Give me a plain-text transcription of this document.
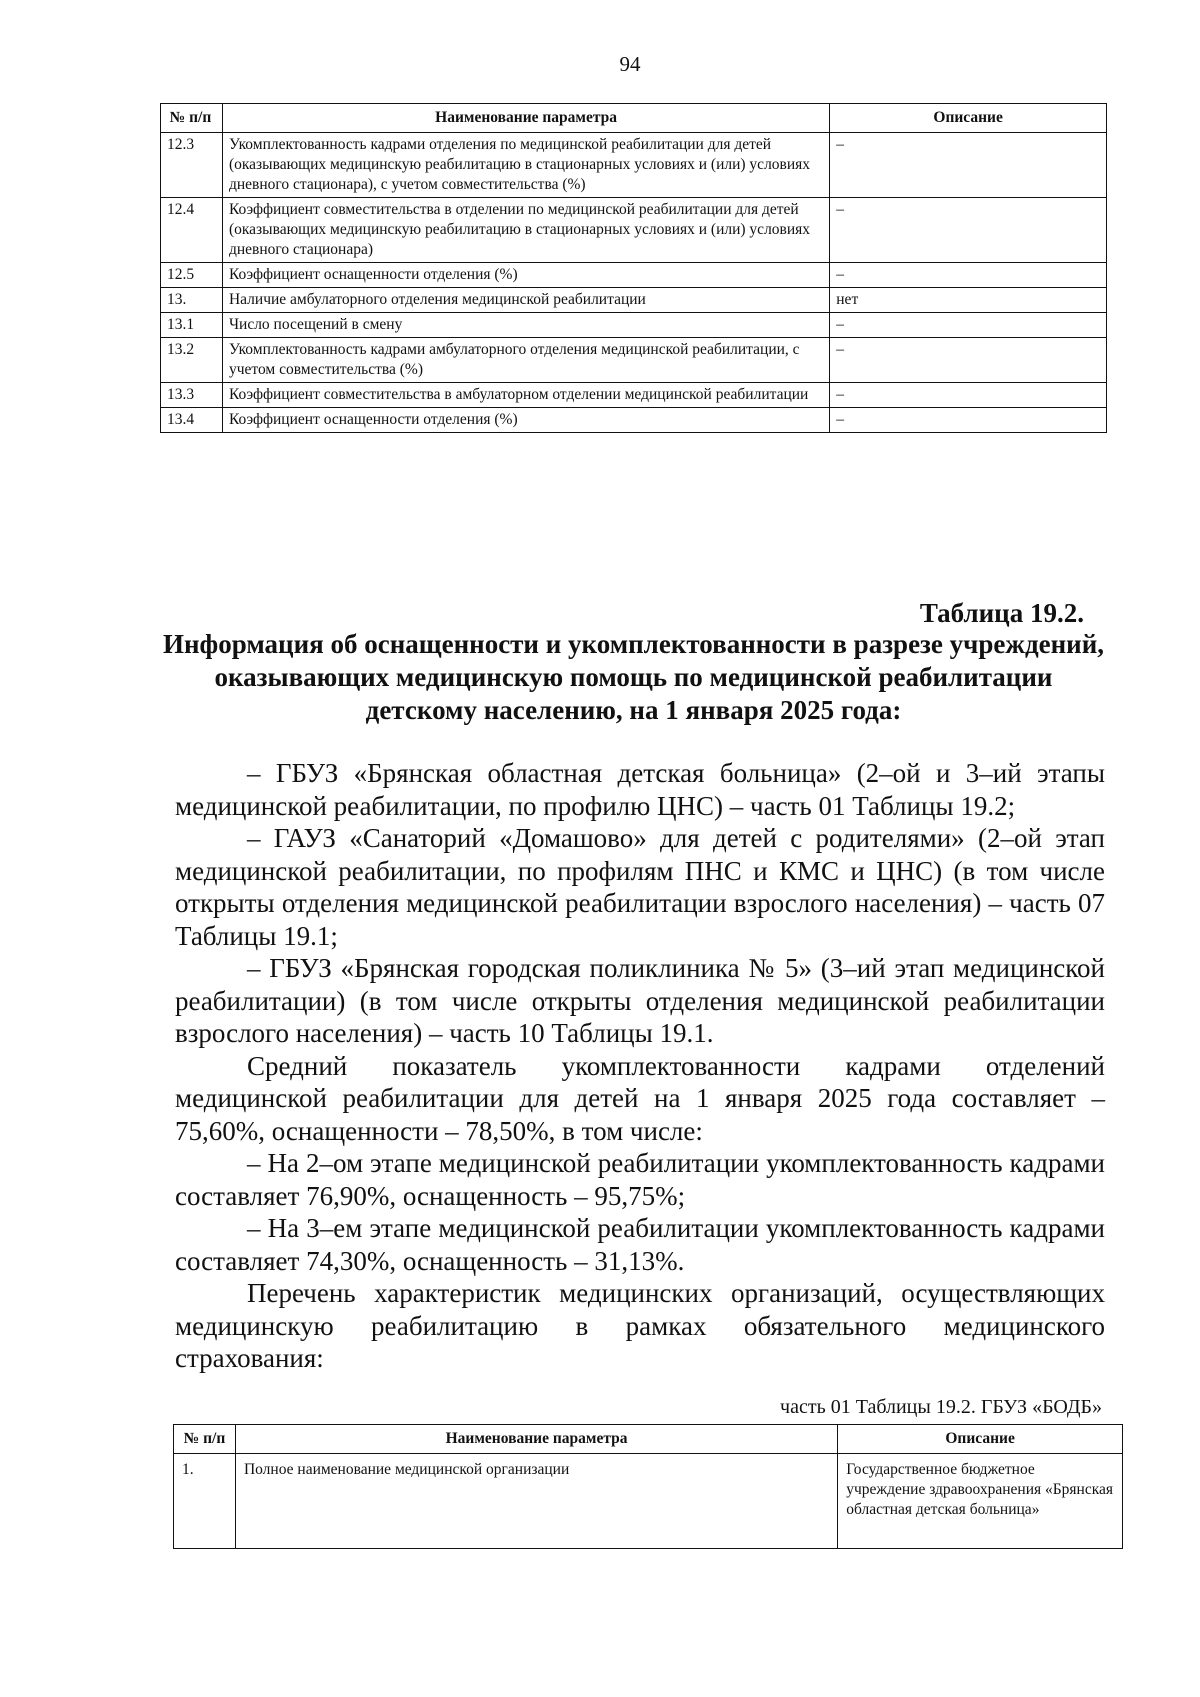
94
№ п/п	Наименование параметра	Описание
12.3	Укомплектованность кадрами отделения по медицинской реабилитации для детей (оказывающих медицинскую реабилитацию в стационарных условиях и (или) условиях дневного стационара), с учетом совместительства (%)	–
12.4	Коэффициент совместительства в отделении по медицинской реабилитации для детей (оказывающих медицинскую реабилитацию в стационарных условиях и (или) условиях дневного стационара)	–
12.5	Коэффициент оснащенности отделения (%)	–
13.	Наличие амбулаторного отделения медицинской реабилитации	нет
13.1	Число посещений в смену	–
13.2	Укомплектованность кадрами амбулаторного отделения медицинской реабилитации, с учетом совместительства (%)	–
13.3	Коэффициент совместительства в амбулаторном отделении медицинской реабилитации	–
13.4	Коэффициент оснащенности отделения (%)	–
Таблица 19.2.
Информация об оснащенности и укомплектованности в разрезе учреждений, оказывающих медицинскую помощь по медицинской реабилитации детскому населению, на 1 января 2025 года:

– ГБУЗ «Брянская областная детская больница» (2–ой и 3–ий этапы медицинской реабилитации, по профилю ЦНС) – часть 01 Таблицы 19.2;

– ГАУЗ «Санаторий «Домашово» для детей с родителями» (2–ой этап медицинской реабилитации, по профилям ПНС и КМС и ЦНС) (в том числе открыты отделения медицинской реабилитации взрослого населения) – часть 07 Таблицы 19.1;

– ГБУЗ «Брянская городская поликлиника № 5» (3–ий этап медицинской реабилитации) (в том числе открыты отделения медицинской реабилитации взрослого населения) – часть 10 Таблицы 19.1.

Средний показатель укомплектованности кадрами отделений медицинской реабилитации для детей на 1 января 2025 года составляет – 75,60%, оснащенности – 78,50%, в том числе:

– На 2–ом этапе медицинской реабилитации укомплектованность кадрами составляет 76,90%, оснащенность – 95,75%;

– На 3–ем этапе медицинской реабилитации укомплектованность кадрами составляет 74,30%, оснащенность – 31,13%.

Перечень характеристик медицинских организаций, осуществляющих медицинскую реабилитацию в рамках обязательного медицинского страхования:

часть 01 Таблицы 19.2. ГБУЗ «БОДБ»
№ п/п	Наименование параметра	Описание
1.	Полное наименование медицинской организации	Государственное бюджетное учреждение здравоохранения «Брянская областная детская больница»
